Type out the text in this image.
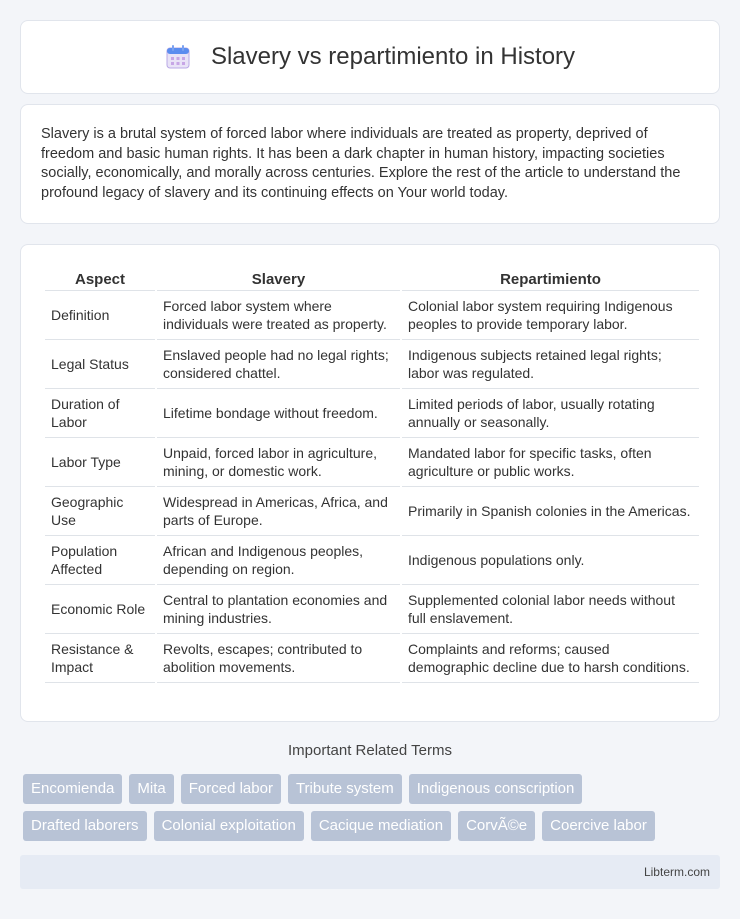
Slavery vs repartimiento in History

Slavery is a brutal system of forced labor where individuals are treated as property, deprived of freedom and basic human rights. It has been a dark chapter in human history, impacting societies socially, economically, and morally across centuries. Explore the rest of the article to understand the profound legacy of slavery and its continuing effects on Your world today.

Aspect	Slavery	Repartimiento
Definition	Forced labor system where individuals were treated as property.	Colonial labor system requiring Indigenous peoples to provide temporary labor.
Legal Status	Enslaved people had no legal rights; considered chattel.	Indigenous subjects retained legal rights; labor was regulated.
Duration of Labor	Lifetime bondage without freedom.	Limited periods of labor, usually rotating annually or seasonally.
Labor Type	Unpaid, forced labor in agriculture, mining, or domestic work.	Mandated labor for specific tasks, often agriculture or public works.
Geographic Use	Widespread in Americas, Africa, and parts of Europe.	Primarily in Spanish colonies in the Americas.
Population Affected	African and Indigenous peoples, depending on region.	Indigenous populations only.
Economic Role	Central to plantation economies and mining industries.	Supplemented colonial labor needs without full enslavement.
Resistance & Impact	Revolts, escapes; contributed to abolition movements.	Complaints and reforms; caused demographic decline due to harsh conditions.
Important Related Terms
Encomienda	Mita	Forced labor	Tribute system	Indigenous conscription
Drafted laborers	Colonial exploitation	Cacique mediation	CorvÃ©e	Coercive labor
Libterm.com
